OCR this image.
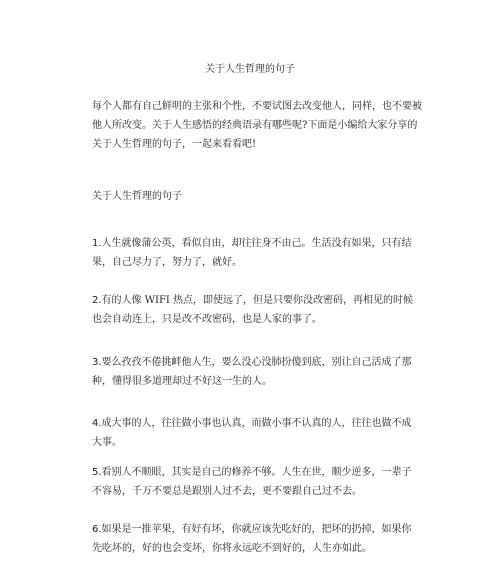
关于人生哲理的句子

每个人都有自己鲜明的主张和个性，不要试图去改变他人，同样，也不要被他人所改变。关于人生感悟的经典语录有哪些呢?下面是小编给大家分享的关于人生哲理的句子，一起来看看吧!

关于人生哲理的句子

1.人生就像蒲公英，看似自由，却往往身不由己。生活没有如果，只有结果，自己尽力了，努力了，就好。

2.有的人像 WIFI 热点，即使远了，但是只要你没改密码，再相见的时候也会自动连上，只是改不改密码，也是人家的事了。

3.要么孜孜不倦挑衅他人生，要么没心没肺扮傻到底，别让自己活成了那种，懂得很多道理却过不好这一生的人。

4.成大事的人，往往做小事也认真，而做小事不认真的人，往往也做不成大事。

5.看别人不顺眼，其实是自己的修养不够。人生在世，顺少逆多，一辈子不容易，千万不要总是跟别人过不去，更不要跟自己过不去。

6.如果是一推苹果，有好有坏，你就应该先吃好的，把坏的扔掉，如果你先吃坏的，好的也会变坏，你将永远吃不到好的，人生亦如此。
